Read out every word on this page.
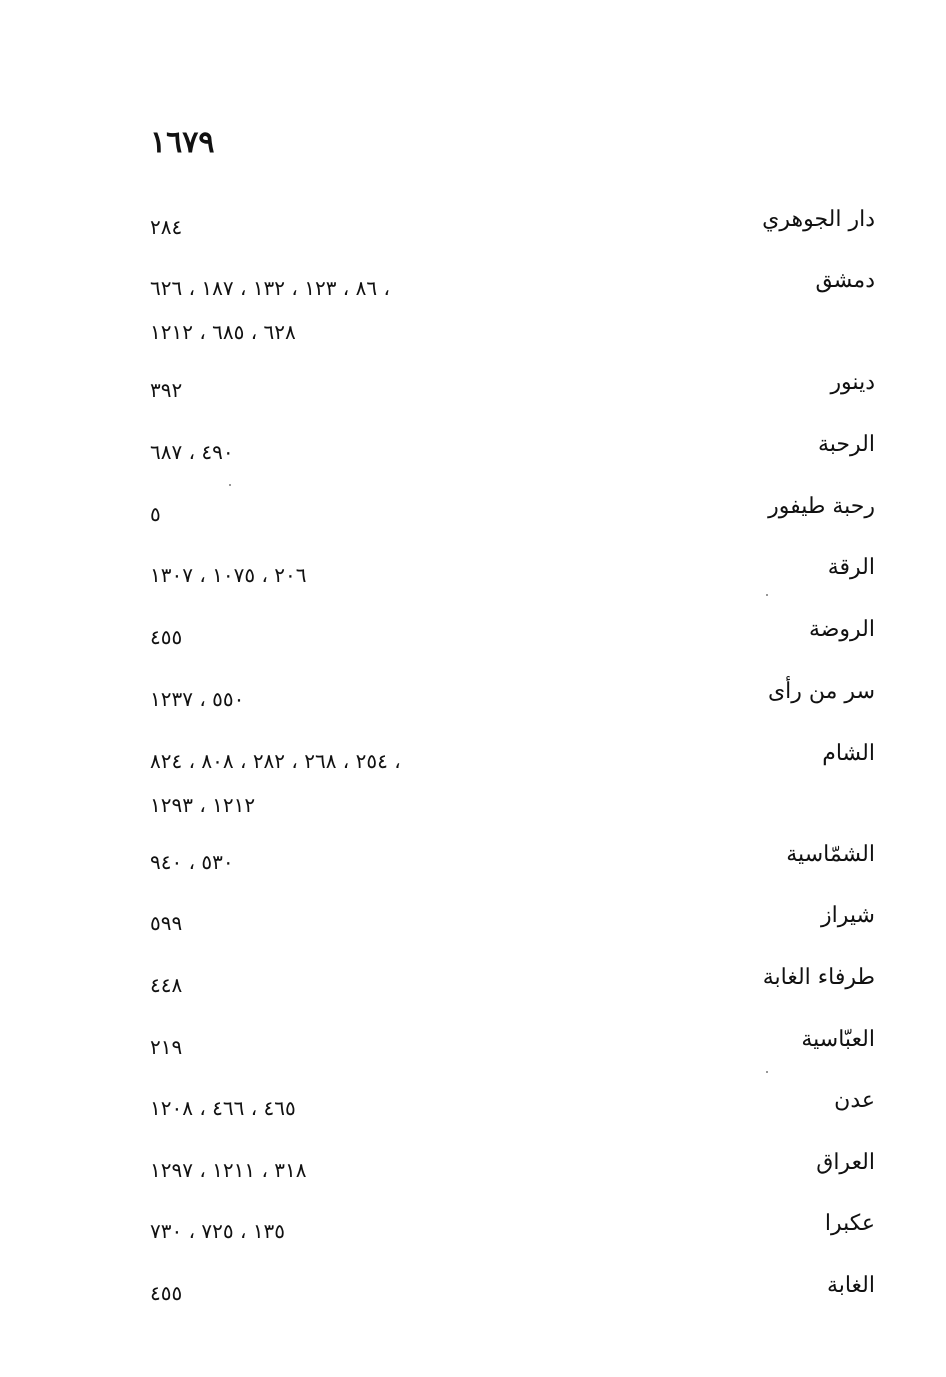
١٦٧٩
دار الجوهري
٢٨٤
دمشق
٨٦ ، ١٢٣ ، ١٣٢ ، ١٨٧ ، ٦٢٦ ،
٦٢٨ ، ٦٨٥ ، ١٢١٢
دينور
٣٩٢
الرحبة
٤٩٠ ، ٦٨٧
رحبة طيفور
٥
الرقة
٢٠٦ ، ١٠٧٥ ، ١٣٠٧
الروضة
٤٥٥
سر من رأى
٥٥٠ ، ١٢٣٧
الشام
٢٥٤ ، ٢٦٨ ، ٢٨٢ ، ٨٠٨ ، ٨٢٤ ،
١٢١٢ ، ١٢٩٣
الشمّاسية
٥٣٠ ، ٩٤٠
شيراز
٥٩٩
طرفاء الغابة
٤٤٨
العبّاسية
٢١٩
عدن
٤٦٥ ، ٤٦٦ ، ١٢٠٨
العراق
٣١٨ ، ١٢١١ ، ١٢٩٧
عكبرا
١٣٥ ، ٧٢٥ ، ٧٣٠
الغابة
٤٥٥
